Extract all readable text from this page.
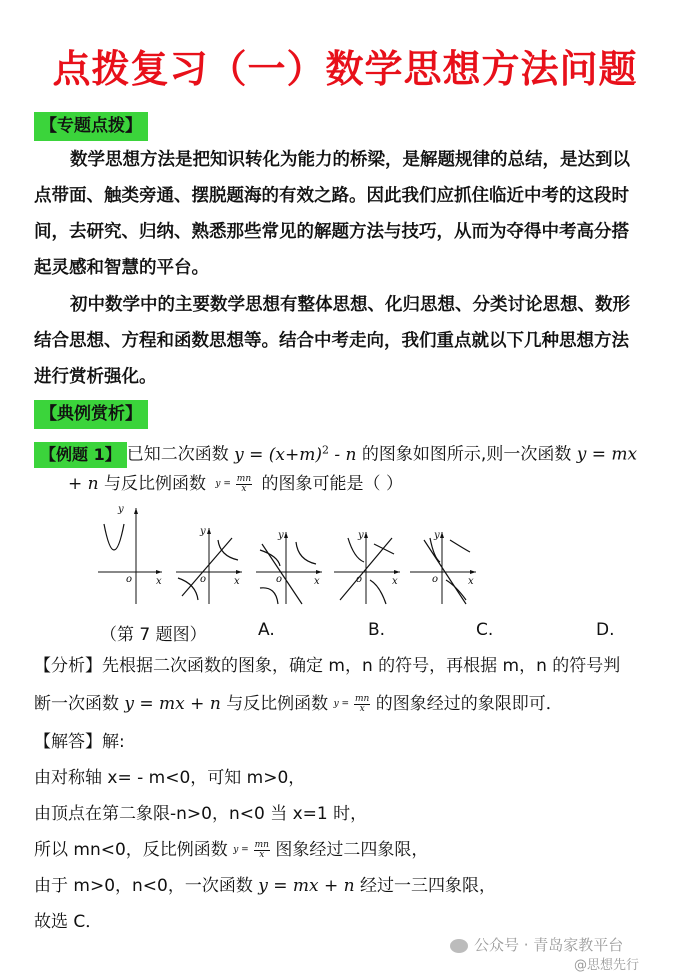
点拨复习（一）数学思想方法问题
【专题点拨】
数学思想方法是把知识转化为能力的桥梁，是解题规律的总结，是达到以
点带面、触类旁通、摆脱题海的有效之路。因此我们应抓住临近中考的这段时
间，去研究、归纳、熟悉那些常见的解题方法与技巧，从而为夺得中考高分搭
起灵感和智慧的平台。
初中数学中的主要数学思想有整体思想、化归思想、分类讨论思想、数形
结合思想、方程和函数思想等。结合中考走向，我们重点就以下几种思想方法
进行赏析强化。
【典例赏析】
【例题 1】 已知二次函数 $y = (x+m)^2 - n$ 的图象如图所示,则一次函数 y = mx
+ n 与反比例函数 $y = \frac{mn}{x}$ 的图象可能是（ ）
y
x
o
y
x
o
y
x
o
y
x
o
y
x
o
（第 7 题图）	A.	B.	C.	D.
【分析】先根据二次函数的图象，确定 m，n 的符号，再根据 m，n 的符号判
断一次函数 y = mx + n 与反比例函数 $y = \frac{mn}{x}$ 的图象经过的象限即可．
【解答】解:
由对称轴 x= - m<0，可知 m>0，
由顶点在第二象限-n>0，n<0 当 x=1 时，
所以 mn<0，反比例函数 $y = \frac{mn}{x}$ 图象经过二四象限，
由于 m>0，n<0，一次函数 y = mx + n 经过一三四象限，
故选 C．
公众号 · 青岛家教平台
@思想先行
